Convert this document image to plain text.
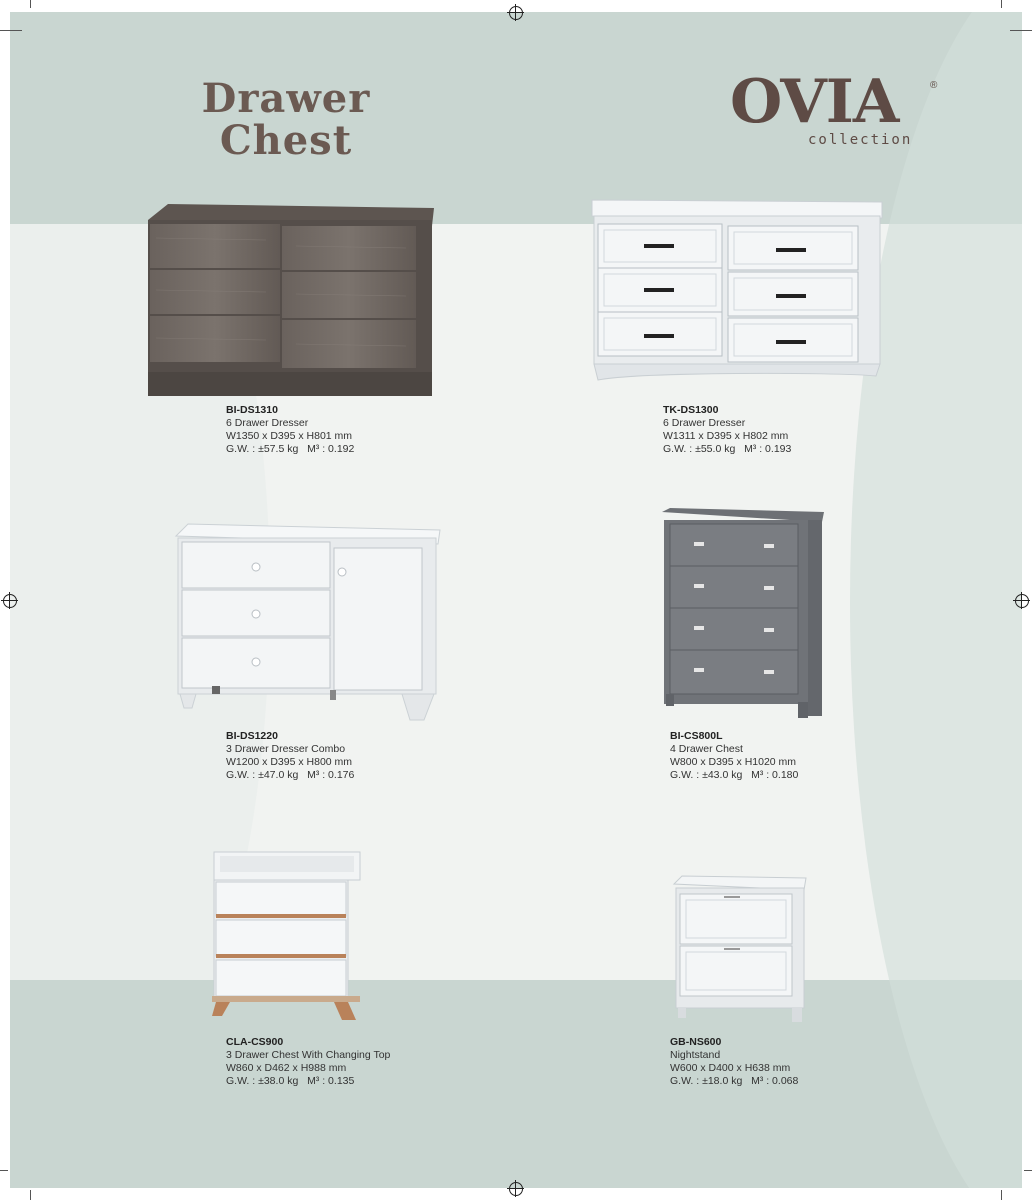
Drawer
Chest
OVIA	®
collection
BI-DS1310
6 Drawer Dresser
W1350 x D395 x H801 mm
G.W. : ±57.5 kg M³ : 0.192
TK-DS1300
6 Drawer Dresser
W1311 x D395 x H802 mm
G.W. : ±55.0 kg M³ : 0.193
BI-DS1220
3 Drawer Dresser Combo
W1200 x D395 x H800 mm
G.W. : ±47.0 kg M³ : 0.176
BI-CS800L
4 Drawer Chest
W800 x D395 x H1020 mm
G.W. : ±43.0 kg M³ : 0.180
CLA-CS900
3 Drawer Chest With Changing Top
W860 x D462 x H988 mm
G.W. : ±38.0 kg M³ : 0.135
GB-NS600
Nightstand
W600 x D400 x H638 mm
G.W. : ±18.0 kg M³ : 0.068
